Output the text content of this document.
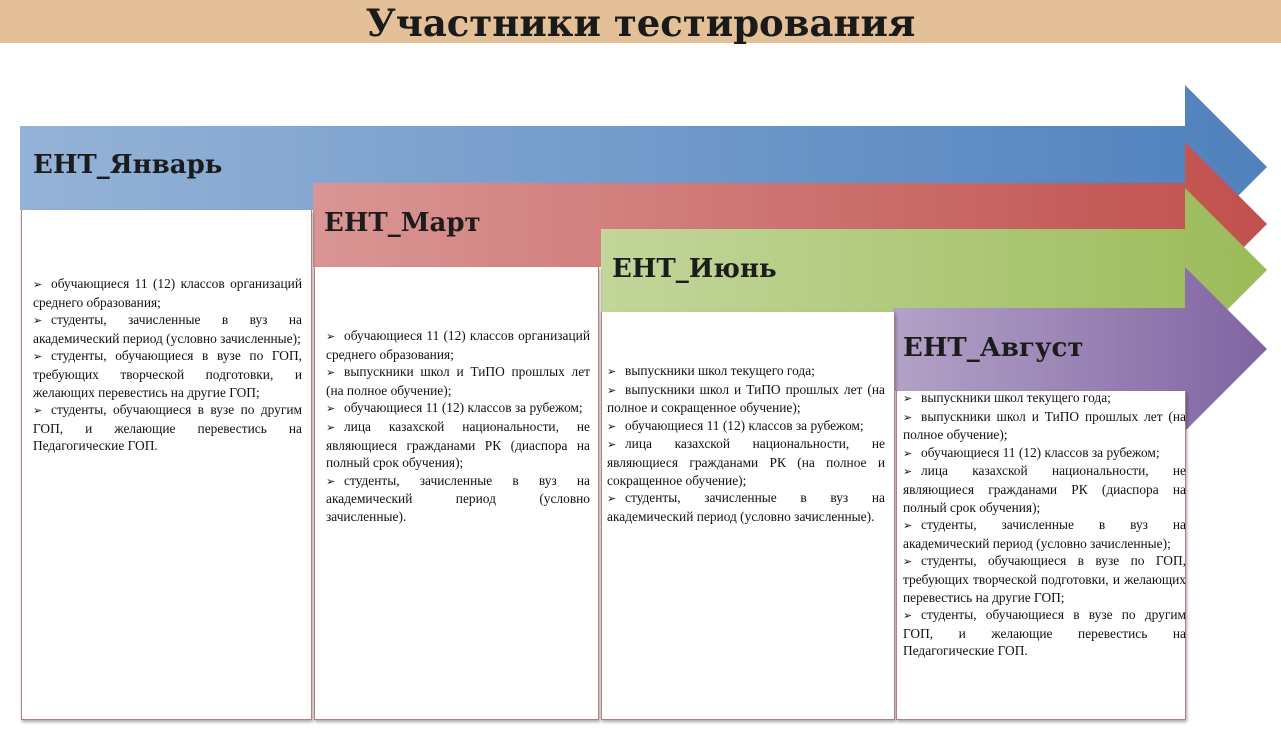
Участники тестирования
ЕНТ_Январь
➢ обучающиеся 11 (12) классов организаций среднего образования;
➢ студенты, зачисленные в вуз на академический период (условно зачисленные);
➢ студенты, обучающиеся в вузе по ГОП, требующих творческой подготовки, и желающих перевестись на другие ГОП;
➢ студенты, обучающиеся в вузе по другим ГОП, и желающие перевестись на Педагогические ГОП.
ЕНТ_Март
➢ обучающиеся 11 (12) классов организаций среднего образования;
➢ выпускники школ и ТиПО прошлых лет (на полное обучение);
➢ обучающиеся 11 (12) классов за рубежом;
➢ лица казахской национальности, не являющиеся гражданами РК (диаспора на полный срок обучения);
➢ студенты, зачисленные в вуз на академический период (условно зачисленные).
ЕНТ_Июнь
➢ выпускники школ текущего года;
➢ выпускники школ и ТиПО прошлых лет (на полное и сокращенное обучение);
➢ обучающиеся 11 (12) классов за рубежом;
➢ лица казахской национальности, не являющиеся гражданами РК (на полное и сокращенное обучение);
➢ студенты, зачисленные в вуз на академический период (условно зачисленные).
ЕНТ_Август
➢ выпускники школ текущего года;
➢ выпускники школ и ТиПО прошлых лет (на полное обучение);
➢ обучающиеся 11 (12) классов за рубежом;
➢ лица казахской национальности, не являющиеся гражданами РК (диаспора на полный срок обучения);
➢ студенты, зачисленные в вуз на академический период (условно зачисленные);
➢ студенты, обучающиеся в вузе по ГОП, требующих творческой подготовки, и желающих перевестись на другие ГОП;
➢ студенты, обучающиеся в вузе по другим ГОП, и желающие перевестись на Педагогические ГОП.
